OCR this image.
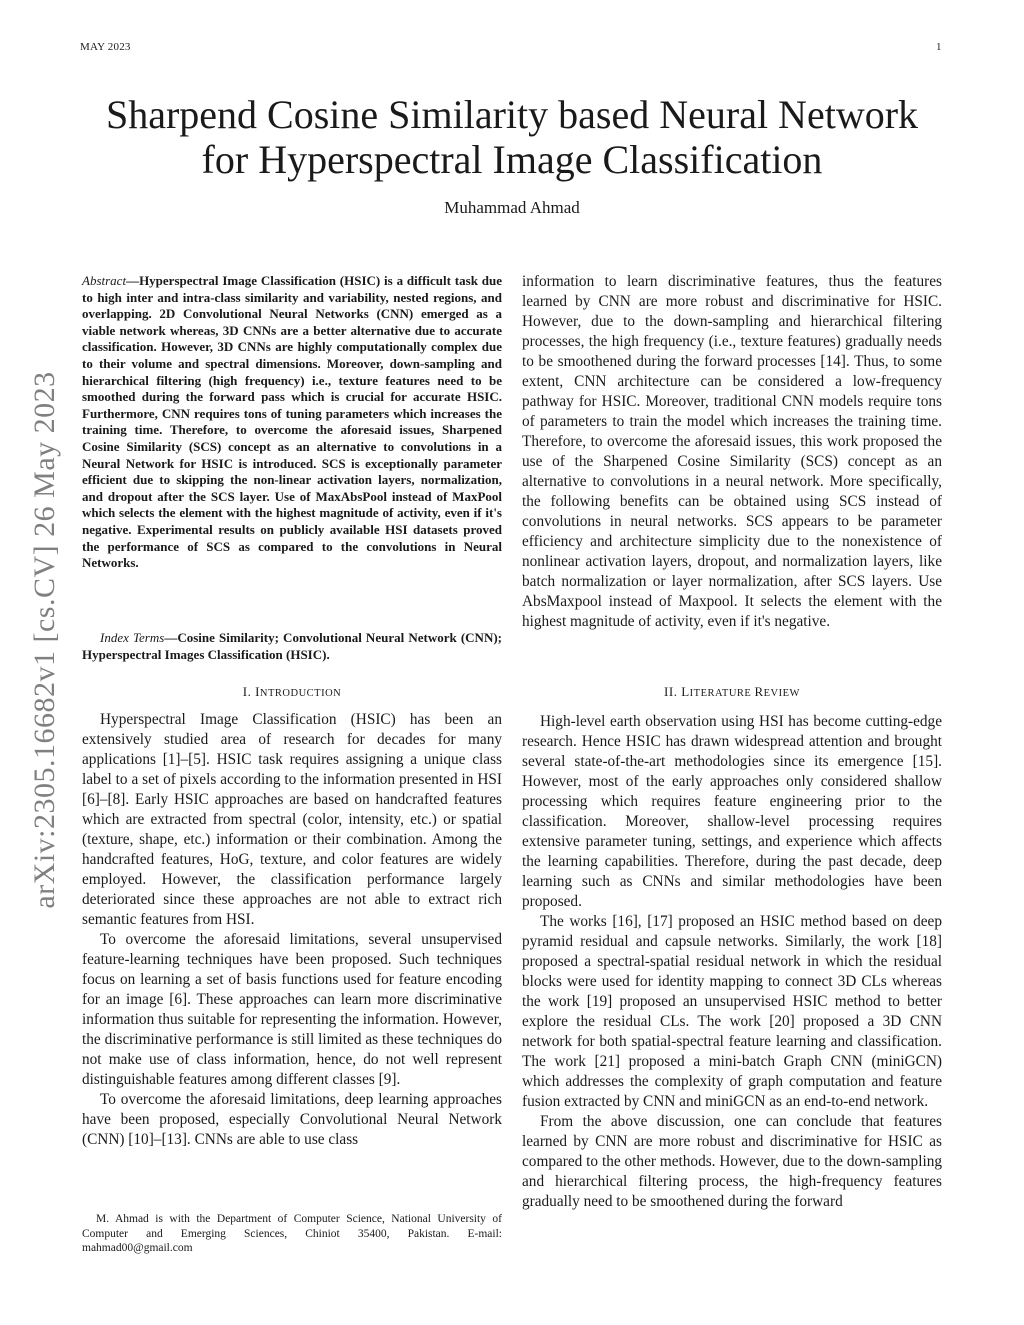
MAY 2023	1
Sharpend Cosine Similarity based Neural Network
for Hyperspectral Image Classification
Muhammad Ahmad
arXiv:2305.16682v1 [cs.CV] 26 May 2023

Abstract—Hyperspectral Image Classification (HSIC) is a difficult task due to high inter and intra-class similarity and variability, nested regions, and overlapping. 2D Convolutional Neural Networks (CNN) emerged as a viable network whereas, 3D CNNs are a better alternative due to accurate classification. However, 3D CNNs are highly computationally complex due to their volume and spectral dimensions. Moreover, down-sampling and hierarchical filtering (high frequency) i.e., texture features need to be smoothed during the forward pass which is crucial for accurate HSIC. Furthermore, CNN requires tons of tuning parameters which increases the training time. Therefore, to overcome the aforesaid issues, Sharpened Cosine Similarity (SCS) concept as an alternative to convolutions in a Neural Network for HSIC is introduced. SCS is exceptionally parameter efficient due to skipping the non-linear activation layers, normalization, and dropout after the SCS layer. Use of MaxAbsPool instead of MaxPool which selects the element with the highest magnitude of activity, even if it's negative. Experimental results on publicly available HSI datasets proved the performance of SCS as compared to the convolutions in Neural Networks.

Index Terms—Cosine Similarity; Convolutional Neural Network (CNN); Hyperspectral Images Classification (HSIC).

information to learn discriminative features, thus the features learned by CNN are more robust and discriminative for HSIC. However, due to the down-sampling and hierarchical filtering processes, the high frequency (i.e., texture features) gradually needs to be smoothened during the forward processes [14]. Thus, to some extent, CNN architecture can be considered a low-frequency pathway for HSIC. Moreover, traditional CNN models require tons of parameters to train the model which increases the training time. Therefore, to overcome the aforesaid issues, this work proposed the use of the Sharpened Cosine Similarity (SCS) concept as an alternative to convolutions in a neural network. More specifically, the following benefits can be obtained using SCS instead of convolutions in neural networks. SCS appears to be parameter efficiency and architecture simplicity due to the nonexistence of nonlinear activation layers, dropout, and normalization layers, like batch normalization or layer normalization, after SCS layers. Use AbsMaxpool instead of Maxpool. It selects the element with the highest magnitude of activity, even if it's negative.

I. INTRODUCTION	II. LITERATURE REVIEW

Hyperspectral Image Classification (HSIC) has been an extensively studied area of research for decades for many applications [1]–[5]. HSIC task requires assigning a unique class label to a set of pixels according to the information presented in HSI [6]–[8]. Early HSIC approaches are based on handcrafted features which are extracted from spectral (color, intensity, etc.) or spatial (texture, shape, etc.) information or their combination. Among the handcrafted features, HoG, texture, and color features are widely employed. However, the classification performance largely deteriorated since these approaches are not able to extract rich semantic features from HSI.

To overcome the aforesaid limitations, several unsupervised feature-learning techniques have been proposed. Such techniques focus on learning a set of basis functions used for feature encoding for an image [6]. These approaches can learn more discriminative information thus suitable for representing the information. However, the discriminative performance is still limited as these techniques do not make use of class information, hence, do not well represent distinguishable features among different classes [9].

To overcome the aforesaid limitations, deep learning approaches have been proposed, especially Convolutional Neural Network (CNN) [10]–[13]. CNNs are able to use class

High-level earth observation using HSI has become cutting-edge research. Hence HSIC has drawn widespread attention and brought several state-of-the-art methodologies since its emergence [15]. However, most of the early approaches only considered shallow processing which requires feature engineering prior to the classification. Moreover, shallow-level processing requires extensive parameter tuning, settings, and experience which affects the learning capabilities. Therefore, during the past decade, deep learning such as CNNs and similar methodologies have been proposed.

The works [16], [17] proposed an HSIC method based on deep pyramid residual and capsule networks. Similarly, the work [18] proposed a spectral-spatial residual network in which the residual blocks were used for identity mapping to connect 3D CLs whereas the work [19] proposed an unsupervised HSIC method to better explore the residual CLs. The work [20] proposed a 3D CNN network for both spatial-spectral feature learning and classification. The work [21] proposed a mini-batch Graph CNN (miniGCN) which addresses the complexity of graph computation and feature fusion extracted by CNN and miniGCN as an end-to-end network.

From the above discussion, one can conclude that features learned by CNN are more robust and discriminative for HSIC as compared to the other methods. However, due to the down-sampling and hierarchical filtering process, the high-frequency features gradually need to be smoothened during the forward

M. Ahmad is with the Department of Computer Science, National University of Computer and Emerging Sciences, Chiniot 35400, Pakistan. E-mail: mahmad00@gmail.com
